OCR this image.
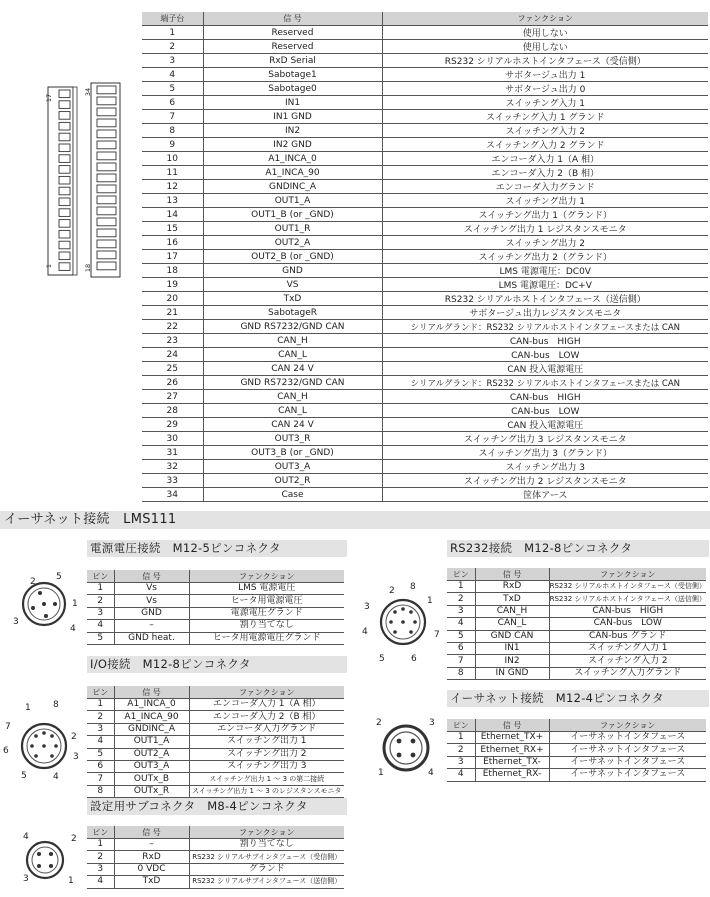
17
34
1	18
端子台	信 号	ファンクション
1	Reserved	使用しない
2	Reserved	使用しない
3	RxD Serial	RS232 シリアルホストインタフェース（受信側）
4	Sabotage1	サボタージュ出力 1
5	Sabotage0	サボタージュ出力 0
6	IN1	スイッチング入力 1
7	IN1 GND	スイッチング入力 1 グランド
8	IN2	スイッチング入力 2
9	IN2 GND	スイッチング入力 2 グランド
10	A1_INCA_0	エンコーダ入力 1（A 相）
11	A1_INCA_90	エンコーダ入力 2（B 相）
12	GNDINC_A	エンコーダ入力グランド
13	OUT1_A	スイッチング出力 1
14	OUT1_B (or _GND)	スイッチング出力 1（グランド）
15	OUT1_R	スイッチング出力 1 レジスタンスモニタ
16	OUT2_A	スイッチング出力 2
17	OUT2_B (or _GND)	スイッチング出力 2（グランド）
18	GND	LMS 電源電圧：DC0V
19	VS	LMS 電源電圧：DC+V
20	TxD	RS232 シリアルホストインタフェース（送信側）
21	SabotageR	サボタージュ出力レジスタンスモニタ
22	GND RS7232/GND CAN	シリアルグランド：RS232 シリアルホストインタフェースまたは CAN
23	CAN_H	CAN-bus　HIGH
24	CAN_L	CAN-bus　LOW
25	CAN 24 V	CAN 投入電源電圧
26	GND RS7232/GND CAN	シリアルグランド：RS232 シリアルホストインタフェースまたは CAN
27	CAN_H	CAN-bus　HIGH
28	CAN_L	CAN-bus　LOW
29	CAN 24 V	CAN 投入電源電圧
30	OUT3_R	スイッチング出力 3 レジスタンスモニタ
31	OUT3_B (or _GND)	スイッチング出力 3（グランド）
32	OUT3_A	スイッチング出力 3
33	OUT2_R	スイッチング出力 2 レジスタンスモニタ
34	Case	筐体アース
イーサネット接続　LMS111
電源電圧接続　M12-5ピンコネクタ
ピン	信 号	ファンクション
1	Vs	LMS 電源電圧
2	Vs	ヒータ用電源電圧
3	GND	電源電圧グランド
4	–	割り当てなし
5	GND heat.	ヒータ用電源電圧グランド
1
2
3
4
5
I/O接続　M12-8ピンコネクタ
ピン	信 号	ファンクション
1	A1_INCA_0	エンコーダ入力 1（A 相）
2	A1_INCA_90	エンコーダ入力 2（B 相）
3	GNDINC_A	エンコーダ入力グランド
4	OUT1_A	スイッチング出力 1
5	OUT2_A	スイッチング出力 2
6	OUT3_A	スイッチング出力 3
7	OUTx_B	スイッチング出力 1 ～ 3 の第二接続
8	OUTx_R	スイッチング出力 1 ～ 3 のレジスタンスモニタ
1
2
3
4
5
6
7
8
設定用サブコネクタ　M8-4ピンコネクタ
ピン	信 号	ファンクション
1	–	割り当てなし
2	RxD	RS232 シリアルサブインタフェース（受信側）
3	0 VDC	グランド
4	TxD	RS232 シリアルサブインタフェース（送信側）
2
4
3	1
RS232接続　M12-8ピンコネクタ
ピン	信 号	ファンクション
1	RxD	RS232 シリアルホストインタフェース（受信側）
2	TxD	RS232 シリアルホストインタフェース（送信側）
3	CAN_H	CAN-bus　HIGH
4	CAN_L	CAN-bus　LOW
5	GND CAN	CAN-bus グランド
6	IN1	スイッチング入力 1
7	IN2	スイッチング入力 2
8	IN GND	スイッチング入力グランド
1
2
3
4
5	6
7
8
イーサネット接続　M12-4ピンコネクタ
ピン	信 号	ファンクション
1	Ethernet_TX+	イーサネットインタフェース
2	Ethernet_RX+	イーサネットインタフェース
3	Ethernet_TX-	イーサネットインタフェース
4	Ethernet_RX-	イーサネットインタフェース
2	3
1	4
